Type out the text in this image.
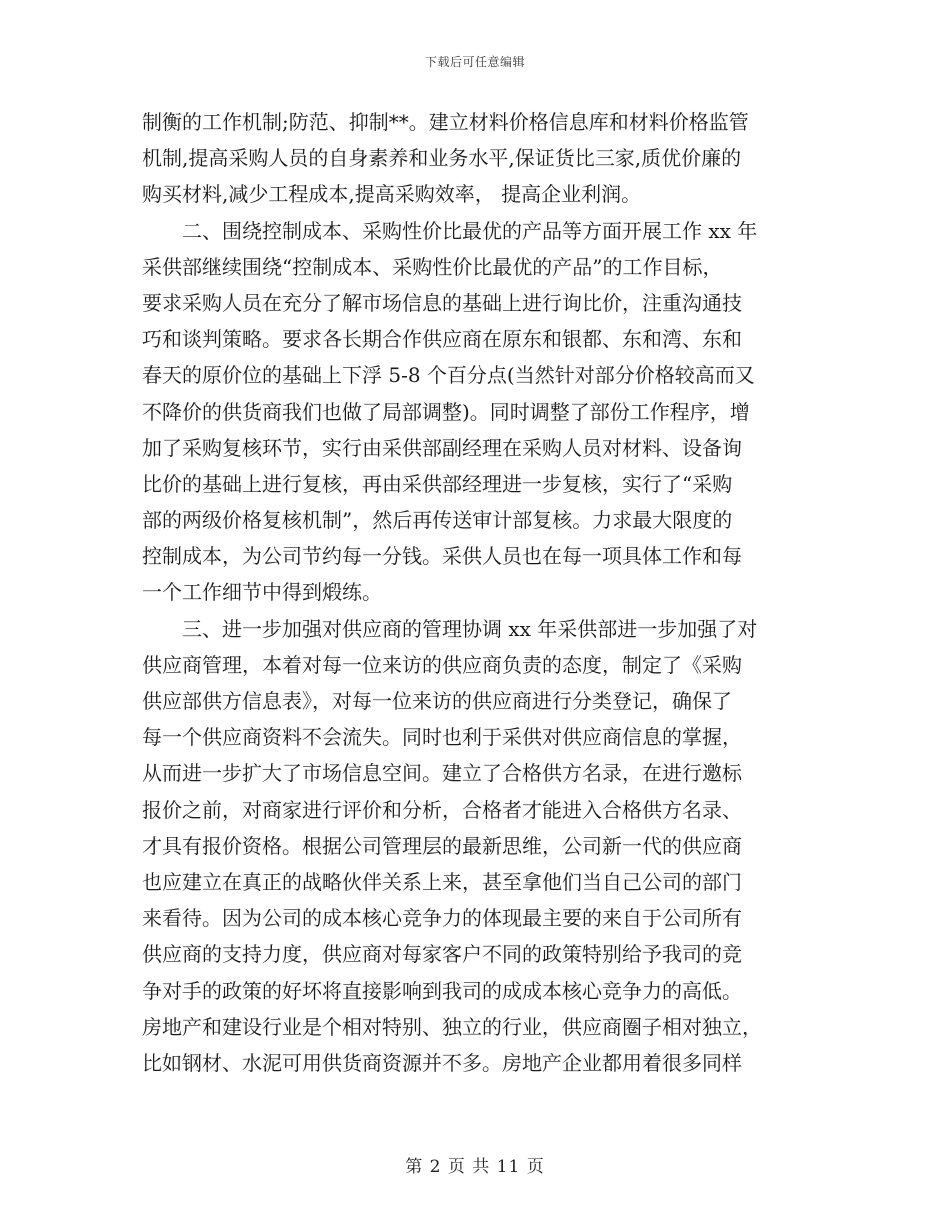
下载后可任意编辑
制衡的工作机制;防范、抑制**。建立材料价格信息库和材料价格监管
机制,提高采购人员的自身素养和业务水平,保证货比三家,质优价廉的
购买材料,减少工程成本,提高采购效率， 提高企业利润。
　　二、围绕控制成本、采购性价比最优的产品等方面开展工作 xx 年
采供部继续围绕“控制成本、采购性价比最优的产品”的工作目标，
要求采购人员在充分了解市场信息的基础上进行询比价，注重沟通技
巧和谈判策略。要求各长期合作供应商在原东和银都、东和湾、东和
春天的原价位的基础上下浮 5-8 个百分点(当然针对部分价格较高而又
不降价的供货商我们也做了局部调整)。同时调整了部份工作程序，增
加了采购复核环节，实行由采供部副经理在采购人员对材料、设备询
比价的基础上进行复核，再由采供部经理进一步复核，实行了“采购
部的两级价格复核机制”，然后再传送审计部复核。力求最大限度的
控制成本，为公司节约每一分钱。采供人员也在每一项具体工作和每
一个工作细节中得到煅练。
　　三、进一步加强对供应商的管理协调 xx 年采供部进一步加强了对
供应商管理，本着对每一位来访的供应商负责的态度，制定了《采购
供应部供方信息表》，对每一位来访的供应商进行分类登记，确保了
每一个供应商资料不会流失。同时也利于采供对供应商信息的掌握，
从而进一步扩大了市场信息空间。建立了合格供方名录，在进行邀标
报价之前，对商家进行评价和分析，合格者才能进入合格供方名录、
才具有报价资格。根据公司管理层的最新思维，公司新一代的供应商
也应建立在真正的战略伙伴关系上来，甚至拿他们当自己公司的部门
来看待。因为公司的成本核心竞争力的体现最主要的来自于公司所有
供应商的支持力度，供应商对每家客户不同的政策特别给予我司的竞
争对手的政策的好坏将直接影响到我司的成成本核心竞争力的高低。
房地产和建设行业是个相对特别、独立的行业，供应商圈子相对独立，
比如钢材、水泥可用供货商资源并不多。房地产企业都用着很多同样
第 2 页 共 11 页
